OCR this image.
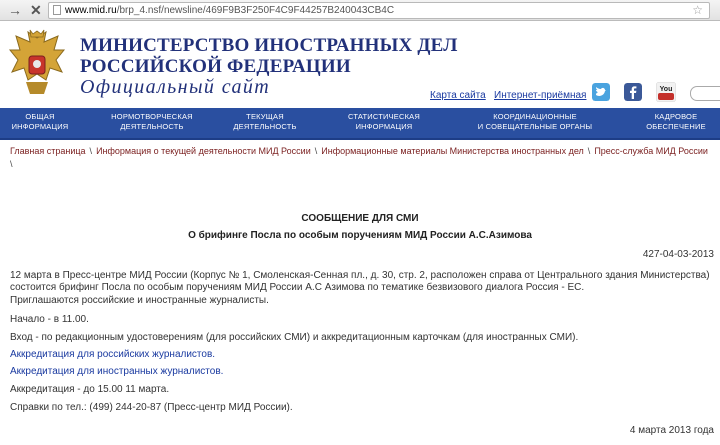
→ ✕	www.mid.ru/brp_4.nsf/newsline/469F9B3F250F4C9F44257B240043CB4C	☆
МИНИСТЕРСТВО ИНОСТРАННЫХ ДЕЛ
РОССИЙСКОЙ ФЕДЕРАЦИИ
Официальный сайт	Карта сайта Интернет-приёмная
You
ОБЩАЯ
ИНФОРМАЦИЯ
НОРМОТВОРЧЕСКАЯ
ДЕЯТЕЛЬНОСТЬ
ТЕКУЩАЯ
ДЕЯТЕЛЬНОСТЬ
СТАТИСТИЧЕСКАЯ
ИНФОРМАЦИЯ
КООРДИНАЦИОННЫЕ
И СОВЕЩАТЕЛЬНЫЕ ОРГАНЫ
КАДРОВОЕ
ОБЕСПЕЧЕНИЕ
Главная страница \ Информация о текущей деятельности МИД России \ Информационные материалы Министерства иностранных дел \ Пресс-служба МИД России
\
СООБЩЕНИЕ ДЛЯ СМИ
О брифинге Посла по особым поручениям МИД России А.С.Азимова
427-04-03-2013
12 марта в Пресс-центре МИД России (Корпус № 1, Смоленская-Сенная пл., д. 30, стр. 2, расположен справа от Центрального здания Министерства) состоится брифинг Посла по особым поручениям МИД России А.С Азимова по тематике безвизового диалога Россия - ЕС.
Приглашаются российские и иностранные журналисты.
Начало - в 11.00.
Вход - по редакционным удостоверениям (для российских СМИ) и аккредитационным карточкам (для иностранных СМИ).
Аккредитация для российских журналистов.
Аккредитация для иностранных журналистов.
Аккредитация - до 15.00 11 марта.
Справки по тел.: (499) 244-20-87 (Пресс-центр МИД России).
4 марта 2013 года
